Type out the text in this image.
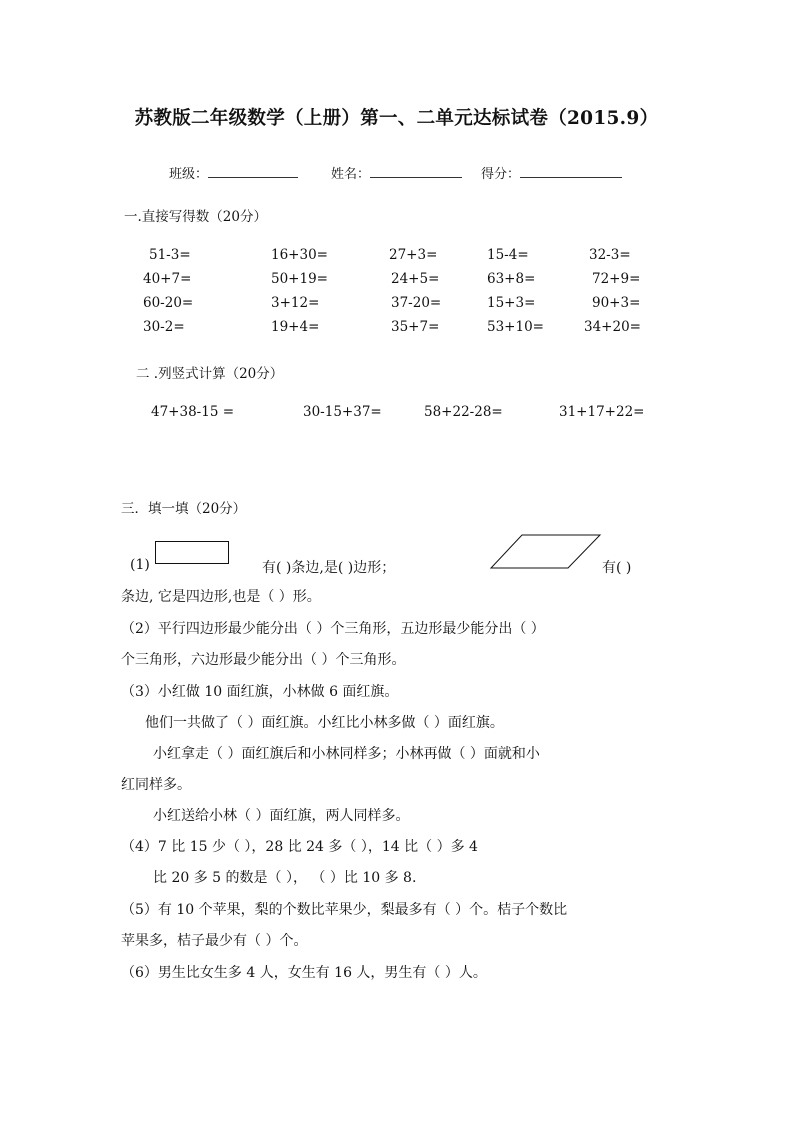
苏教版二年级数学（上册）第一、二单元达标试卷（2015.9）
班级：	姓名：	得分：
一.直接写得数（20分）
51-3=	16+30=	27+3=	15-4=	32-3=
40+7=	50+19=	24+5=	63+8=	72+9=
60-20=	3+12=	37-20=	15+3=	90+3=
30-2=	19+4=	35+7=	53+10=	34+20=
二 .列竖式计算（20分）
47+38-15 =	30-15+37=	58+22-28=	31+17+22=
三．填一填（20分）
(1)	有( )条边,是( )边形；	有( )
条边, 它是四边形,也是（ ）形。
（2）平行四边形最少能分出（ ）个三角形，五边形最少能分出（ ）
个三角形，六边形最少能分出（ ）个三角形。
（3）小红做 10 面红旗，小林做 6 面红旗。
他们一共做了（ ）面红旗。小红比小林多做（ ）面红旗。
小红拿走（ ）面红旗后和小林同样多；小林再做（ ）面就和小
红同样多。
小红送给小林（ ）面红旗，两人同样多。
（4）7 比 15 少（ ），28 比 24 多（ ），14 比（ ）多 4
比 20 多 5 的数是（ ）， （ ）比 10 多 8.
（5）有 10 个苹果，梨的个数比苹果少，梨最多有（ ）个。桔子个数比
苹果多，桔子最少有（ ）个。
（6）男生比女生多 4 人，女生有 16 人，男生有（ ）人。
